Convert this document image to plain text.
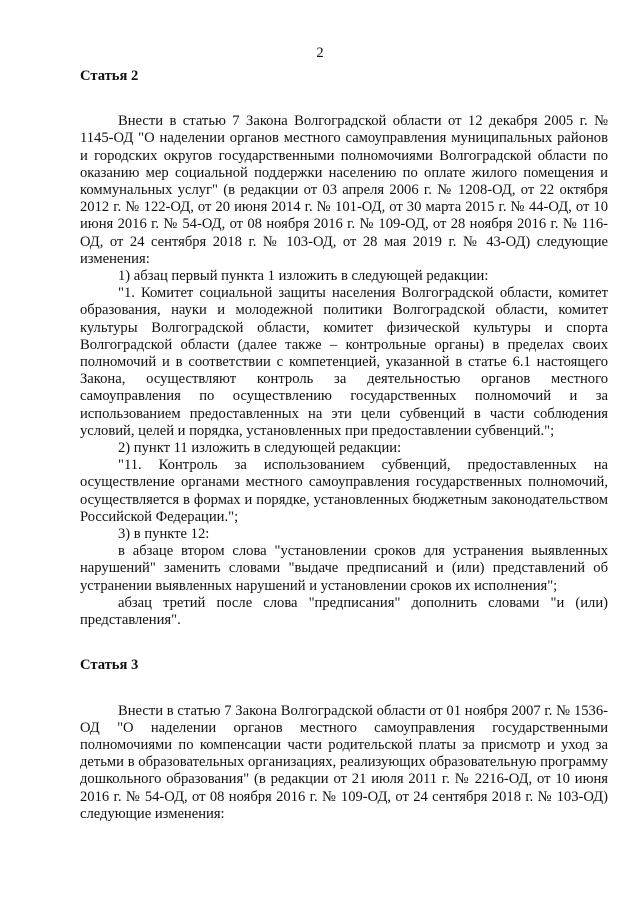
2

Статья 2

Внести в статью 7 Закона Волгоградской области от 12 декабря 2005 г. № 1145-ОД "О наделении органов местного самоуправления муниципальных районов и городских округов государственными полномочиями Волгоградской области по оказанию мер социальной поддержки населению по оплате жилого помещения и коммунальных услуг" (в редакции от 03 апреля 2006 г. № 1208-ОД, от 22 октября 2012 г. № 122-ОД, от 20 июня 2014 г. № 101-ОД, от 30 марта 2015 г. № 44-ОД, от 10 июня 2016 г. № 54-ОД, от 08 ноября 2016 г. № 109-ОД, от 28 ноября 2016 г. № 116-ОД, от 24 сентября 2018 г. № 103-ОД, от 28 мая 2019 г. № 43-ОД) следующие изменения:

1) абзац первый пункта 1 изложить в следующей редакции:

"1. Комитет социальной защиты населения Волгоградской области, комитет образования, науки и молодежной политики Волгоградской области, комитет культуры Волгоградской области, комитет физической культуры и спорта Волгоградской области (далее также – контрольные органы) в пределах своих полномочий и в соответствии с компетенцией, указанной в статье 6.1 настоящего Закона, осуществляют контроль за деятельностью органов местного самоуправления по осуществлению государственных полномочий и за использованием предоставленных на эти цели субвенций в части соблюдения условий, целей и порядка, установленных при предоставлении субвенций.";

2) пункт 11 изложить в следующей редакции:

"11. Контроль за использованием субвенций, предоставленных на осуществление органами местного самоуправления государственных полномочий, осуществляется в формах и порядке, установленных бюджетным законодательством Российской Федерации.";

3) в пункте 12:

в абзаце втором слова "установлении сроков для устранения выявленных нарушений" заменить словами "выдаче предписаний и (или) представлений об устранении выявленных нарушений и установлении сроков их исполнения";

абзац третий после слова "предписания" дополнить словами "и (или) представления".

Статья 3

Внести в статью 7 Закона Волгоградской области от 01 ноября 2007 г. № 1536-ОД "О наделении органов местного самоуправления государственными полномочиями по компенсации части родительской платы за присмотр и уход за детьми в образовательных организациях, реализующих образовательную программу дошкольного образования" (в редакции от 21 июля 2011 г. № 2216-ОД, от 10 июня 2016 г. № 54-ОД, от 08 ноября 2016 г. № 109-ОД, от 24 сентября 2018 г. № 103-ОД) следующие изменения:
